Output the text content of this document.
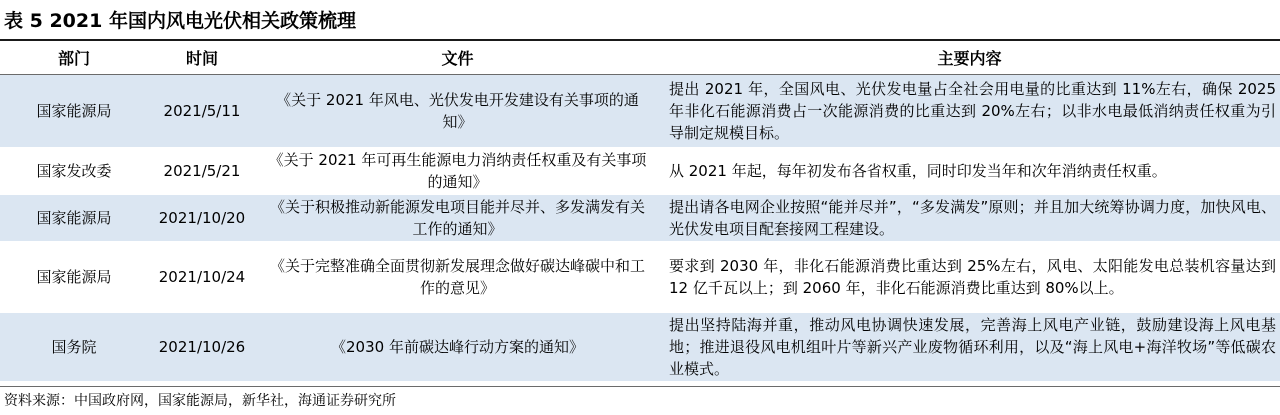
表 5 2021 年国内风电光伏相关政策梳理
部门	时间	文件	主要内容
国家能源局	2021/5/11	《关于 2021 年风电、光伏发电开发建设有关事项的通知》	提出 2021 年，全国风电、光伏发电量占全社会用电量的比重达到 11%左右，确保 2025 年非化石能源消费占一次能源消费的比重达到 20%左右；以非水电最低消纳责任权重为引导制定规模目标。
国家发改委	2021/5/21	《关于 2021 年可再生能源电力消纳责任权重及有关事项的通知》	从 2021 年起，每年初发布各省权重，同时印发当年和次年消纳责任权重。
国家能源局	2021/10/20	《关于积极推动新能源发电项目能并尽并、多发满发有关工作的通知》	提出请各电网企业按照“能并尽并”，“多发满发”原则；并且加大统筹协调力度，加快风电、光伏发电项目配套接网工程建设。
国家能源局	2021/10/24	《关于完整准确全面贯彻新发展理念做好碳达峰碳中和工作的意见》	要求到 2030 年，非化石能源消费比重达到 25%左右，风电、太阳能发电总装机容量达到 12 亿千瓦以上；到 2060 年，非化石能源消费比重达到 80%以上。
国务院	2021/10/26	《2030 年前碳达峰行动方案的通知》	提出坚持陆海并重，推动风电协调快速发展，完善海上风电产业链，鼓励建设海上风电基地；推进退役风电机组叶片等新兴产业废物循环利用，以及“海上风电+海洋牧场”等低碳农业模式。
资料来源：中国政府网，国家能源局，新华社，海通证券研究所
